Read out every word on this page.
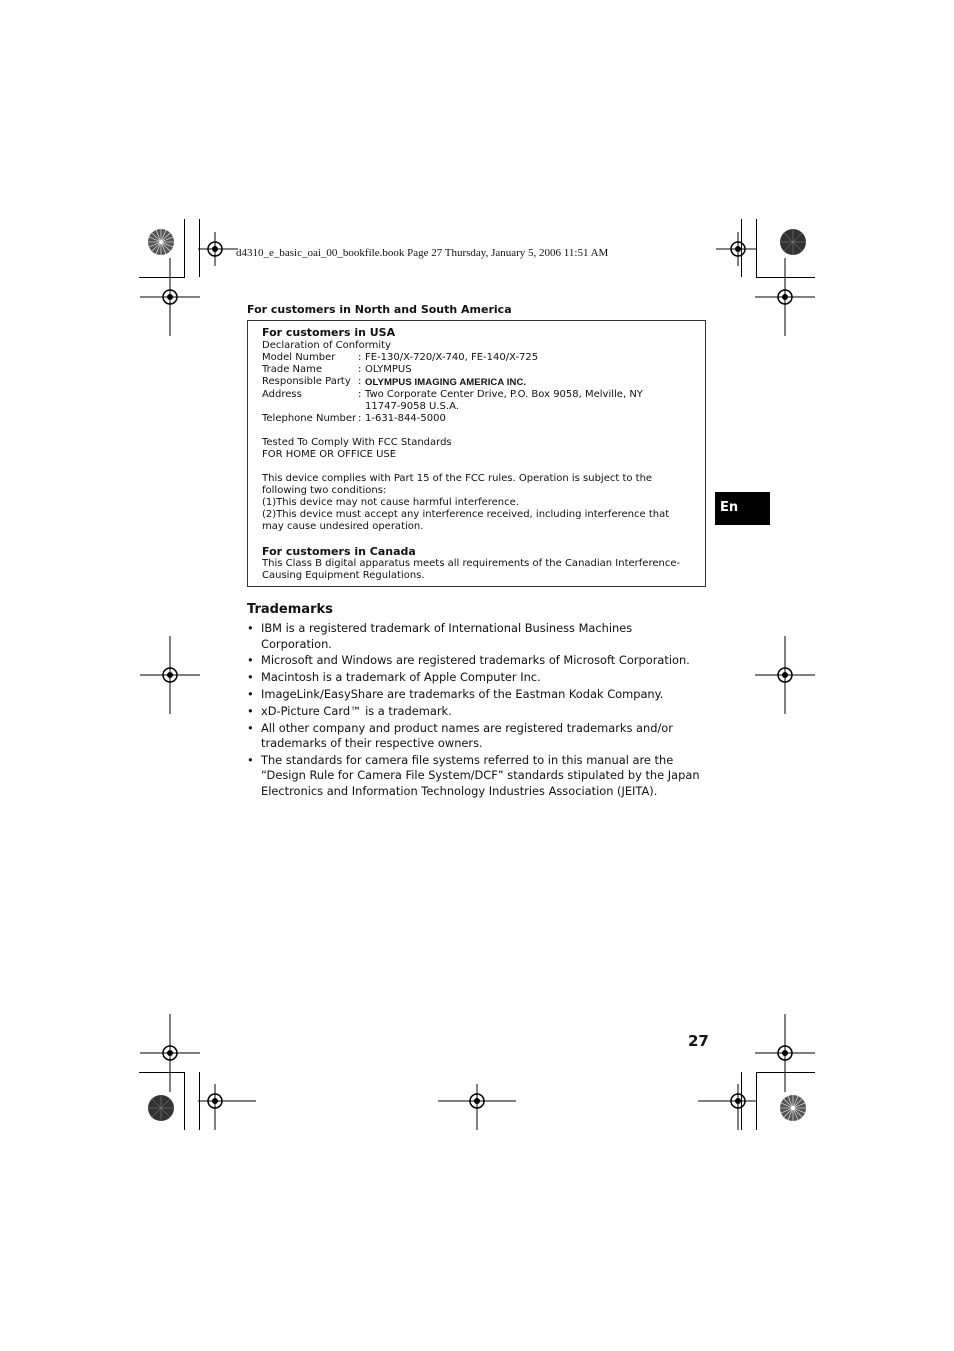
d4310_e_basic_oai_00_bookfile.book Page 27 Thursday, January 5, 2006 11:51 AM
For customers in North and South America
For customers in USA
Declaration of Conformity
Model Number	: FE-130/X-720/X-740, FE-140/X-725
Trade Name	: OLYMPUS
Responsible Party : OLYMPUS IMAGING AMERICA INC.
Address	: Two Corporate Center Drive, P.O. Box 9058, Melville, NY 11747-9058 U.S.A.
Telephone Number : 1-631-844-5000
Tested To Comply With FCC Standards
FOR HOME OR OFFICE USE
This device complies with Part 15 of the FCC rules. Operation is subject to the following two conditions:
(1)This device may not cause harmful interference.
(2)This device must accept any interference received, including interference that may cause undesired operation.
For customers in Canada
This Class B digital apparatus meets all requirements of the Canadian Interference-Causing Equipment Regulations.
Trademarks
• IBM is a registered trademark of International Business Machines Corporation.
• Microsoft and Windows are registered trademarks of Microsoft Corporation.
• Macintosh is a trademark of Apple Computer Inc.
• ImageLink/EasyShare are trademarks of the Eastman Kodak Company.
• xD-Picture Card™ is a trademark.
• All other company and product names are registered trademarks and/or trademarks of their respective owners.
• The standards for camera file systems referred to in this manual are the “Design Rule for Camera File System/DCF” standards stipulated by the Japan Electronics and Information Technology Industries Association (JEITA).
En
27
